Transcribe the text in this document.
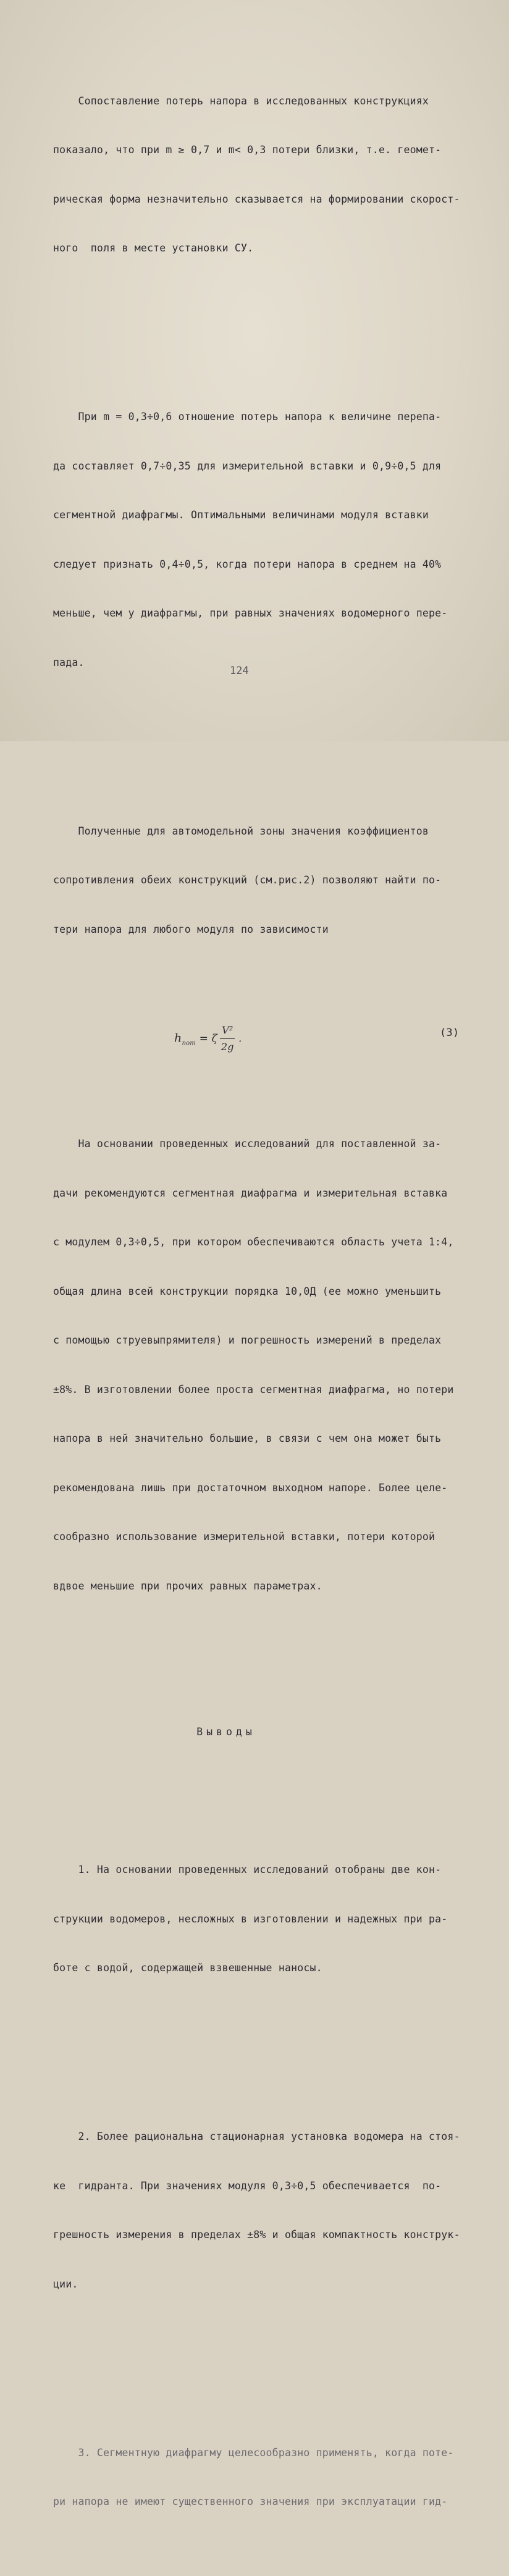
Сопоставление потерь напора в исследованных конструкциях

показало, что при m ≥ 0,7 и m< 0,3 потери близки, т.е. геомет-

рическая форма незначительно сказывается на формировании скорост-

ного  поля в месте установки СУ.

При m = 0,3÷0,6 отношение потерь напора к величине перепа-

да составляет 0,7÷0,35 для измерительной вставки и 0,9÷0,5 для

сегментной диафрагмы. Оптимальными величинами модуля вставки

следует признать 0,4÷0,5, когда потери напора в среднем на 40%

меньше, чем у диафрагмы, при равных значениях водомерного пере-

пада.

Полученные для автомодельной зоны значения коэффициентов

сопротивления обеих конструкций (см.рис.2) позволяют найти по-

тери напора для любого модуля по зависимости

$h_{пот} = \zeta \frac{\text{V²}}{2g}$ .

	(3)

На основании проведенных исследований для поставленной за-

дачи рекомендуются сегментная диафрагма и измерительная вставка

с модулем 0,3÷0,5, при котором обеспечиваются область учета 1:4,

общая длина всей конструкции порядка 10,0Д (ее можно уменьшить

с помощью струевыпрямителя) и погрешность измерений в пределах

±8%. В изготовлении более проста сегментная диафрагма, но потери

напора в ней значительно большие, в связи с чем она может быть

рекомендована лишь при достаточном выходном напоре. Более целе-

сообразно использование измерительной вставки, потери которой

вдвое меньшие при прочих равных параметрах.

Выводы

1. На основании проведенных исследований отобраны две кон-

струкции водомеров, несложных в изготовлении и надежных при ра-

боте с водой, содержащей взвешенные наносы.

2. Более рациональна стационарная установка водомера на стоя-

ке  гидранта. При значениях модуля 0,3÷0,5 обеспечивается  по-

грешность измерения в пределах ±8% и общая компактность конструк-

ции.

3. Сегментную диафрагму целесообразно применять, когда поте-

ри напора не имеют существенного значения при эксплуатации гид-

124
